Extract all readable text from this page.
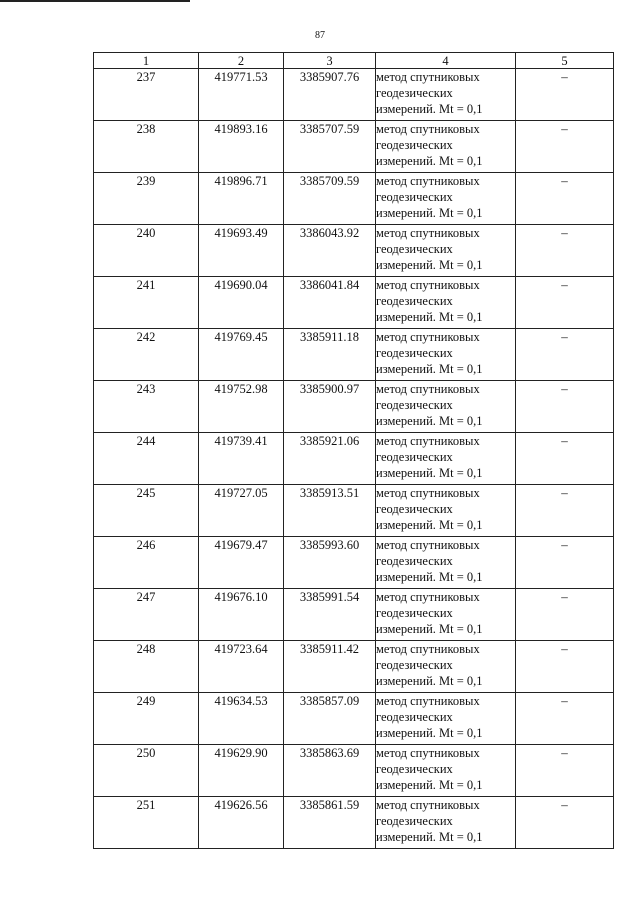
87
1	2	3	4	5
237	419771.53	3385907.76	метод спутниковых
геодезических
измерений. Mt = 0,1	–
238	419893.16	3385707.59	метод спутниковых
геодезических
измерений. Mt = 0,1	–
239	419896.71	3385709.59	метод спутниковых
геодезических
измерений. Mt = 0,1	–
240	419693.49	3386043.92	метод спутниковых
геодезических
измерений. Mt = 0,1	–
241	419690.04	3386041.84	метод спутниковых
геодезических
измерений. Mt = 0,1	–
242	419769.45	3385911.18	метод спутниковых
геодезических
измерений. Mt = 0,1	–
243	419752.98	3385900.97	метод спутниковых
геодезических
измерений. Mt = 0,1	–
244	419739.41	3385921.06	метод спутниковых
геодезических
измерений. Mt = 0,1	–
245	419727.05	3385913.51	метод спутниковых
геодезических
измерений. Mt = 0,1	–
246	419679.47	3385993.60	метод спутниковых
геодезических
измерений. Mt = 0,1	–
247	419676.10	3385991.54	метод спутниковых
геодезических
измерений. Mt = 0,1	–
248	419723.64	3385911.42	метод спутниковых
геодезических
измерений. Mt = 0,1	–
249	419634.53	3385857.09	метод спутниковых
геодезических
измерений. Mt = 0,1	–
250	419629.90	3385863.69	метод спутниковых
геодезических
измерений. Mt = 0,1	–
251	419626.56	3385861.59	метод спутниковых
геодезических
измерений. Mt = 0,1	–
